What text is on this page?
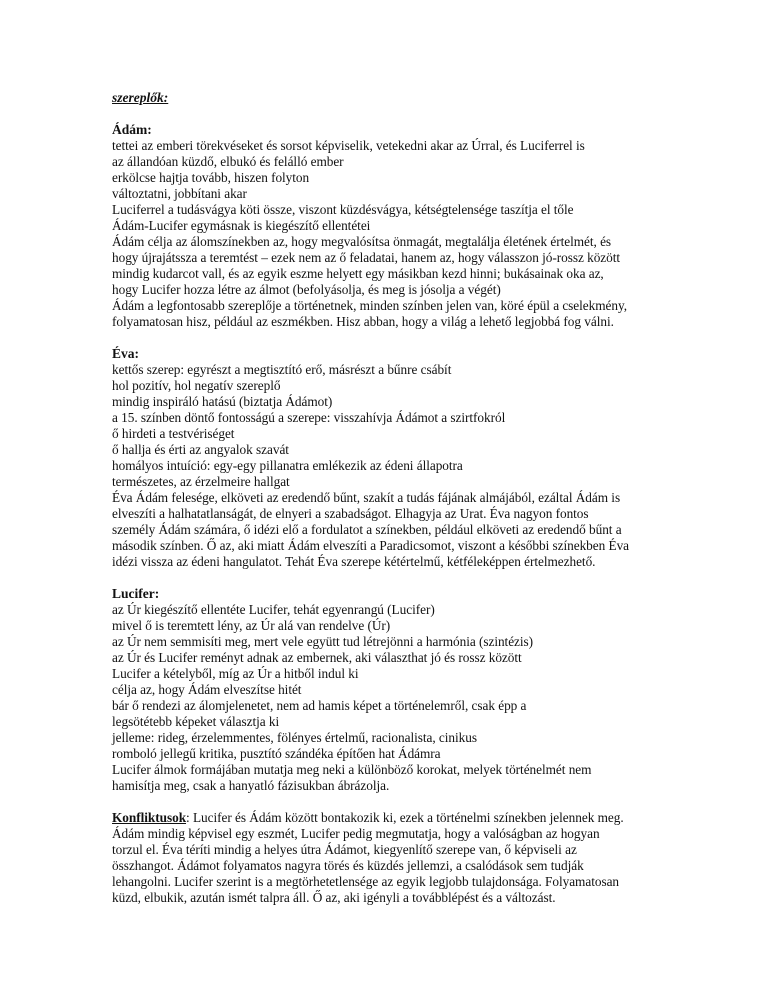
szereplők:

Ádám:

tettei az emberi törekvéseket és sorsot képviselik, vetekedni akar az Úrral, és Luciferrel is

az állandóan küzdő, elbukó és felálló ember

erkölcse hajtja tovább, hiszen folyton

változtatni, jobbítani akar

Luciferrel a tudásvágya köti össze, viszont küzdésvágya, kétségtelensége taszítja el tőle

Ádám-Lucifer egymásnak is kiegészítő ellentétei

Ádám célja az álomszínekben az, hogy megvalósítsa önmagát, megtalálja életének értelmét, és

hogy újrajátssza a teremtést – ezek nem az ő feladatai, hanem az, hogy válasszon jó-rossz között

mindig kudarcot vall, és az egyik eszme helyett egy másikban kezd hinni; bukásainak oka az,

hogy Lucifer hozza létre az álmot (befolyásolja, és meg is jósolja a végét)

Ádám a legfontosabb szereplője a történetnek, minden színben jelen van, köré épül a cselekmény,

folyamatosan hisz, például az eszmékben. Hisz abban, hogy a világ a lehető legjobbá fog válni.

Éva:

kettős szerep: egyrészt a megtisztító erő, másrészt a bűnre csábít

hol pozitív, hol negatív szereplő

mindig inspiráló hatású (biztatja Ádámot)

a 15. színben döntő fontosságú a szerepe: visszahívja Ádámot a szirtfokról

ő hirdeti a testvériséget

ő hallja és érti az angyalok szavát

homályos intuíció: egy-egy pillanatra emlékezik az édeni állapotra

természetes, az érzelmeire hallgat

Éva Ádám felesége, elköveti az eredendő bűnt, szakít a tudás fájának almájából, ezáltal Ádám is

elveszíti a halhatatlanságát, de elnyeri a szabadságot. Elhagyja az Urat. Éva nagyon fontos

személy Ádám számára, ő idézi elő a fordulatot a színekben, például elköveti az eredendő bűnt a

második színben. Ő az, aki miatt Ádám elveszíti a Paradicsomot, viszont a későbbi színekben Éva

idézi vissza az édeni hangulatot. Tehát Éva szerepe kétértelmű, kétféleképpen értelmezhető.

Lucifer:

az Úr kiegészítő ellentéte Lucifer, tehát egyenrangú (Lucifer)

mivel ő is teremtett lény, az Úr alá van rendelve (Úr)

az Úr nem semmisíti meg, mert vele együtt tud létrejönni a harmónia (szintézis)

az Úr és Lucifer reményt adnak az embernek, aki választhat jó és rossz között

Lucifer a kételyből, míg az Úr a hitből indul ki

célja az, hogy Ádám elveszítse hitét

bár ő rendezi az álomjelenetet, nem ad hamis képet a történelemről, csak épp a

legsötétebb képeket választja ki

jelleme: rideg, érzelemmentes, fölényes értelmű, racionalista, cinikus

romboló jellegű kritika, pusztító szándéka építően hat Ádámra

Lucifer álmok formájában mutatja meg neki a különböző korokat, melyek történelmét nem

hamisítja meg, csak a hanyatló fázisukban ábrázolja.

Konfliktusok: Lucifer és Ádám között bontakozik ki, ezek a történelmi színekben jelennek meg.

Ádám mindig képvisel egy eszmét, Lucifer pedig megmutatja, hogy a valóságban az hogyan

torzul el. Éva téríti mindig a helyes útra Ádámot, kiegyenlítő szerepe van, ő képviseli az

összhangot. Ádámot folyamatos nagyra törés és küzdés jellemzi, a csalódások sem tudják

lehangolni. Lucifer szerint is a megtörhetetlensége az egyik legjobb tulajdonsága. Folyamatosan

küzd, elbukik, azután ismét talpra áll. Ő az, aki igényli a továbblépést és a változást.
